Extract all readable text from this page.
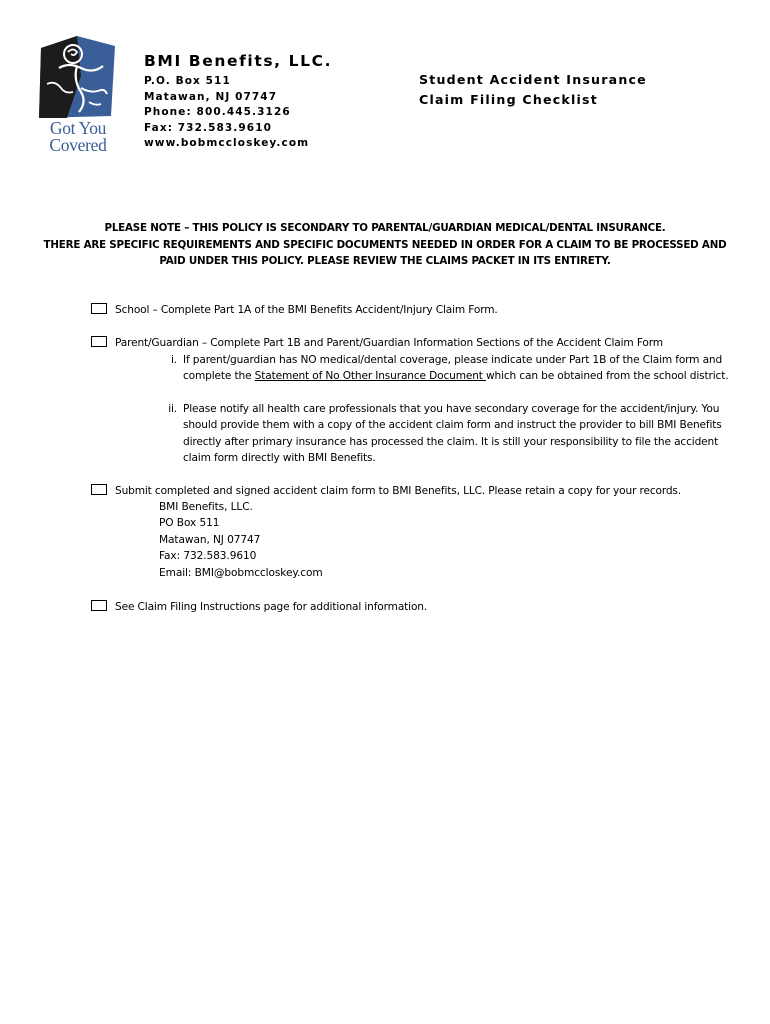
Got You
Covered
BMI Benefits, LLC.
P.O. Box 511
Matawan, NJ 07747
Phone: 800.445.3126
Fax: 732.583.9610
www.bobmccloskey.com
Student Accident Insurance
Claim Filing Checklist
PLEASE NOTE – THIS POLICY IS SECONDARY TO PARENTAL/GUARDIAN MEDICAL/DENTAL INSURANCE.
THERE ARE SPECIFIC REQUIREMENTS AND SPECIFIC DOCUMENTS NEEDED IN ORDER FOR A CLAIM TO BE PROCESSED AND
PAID UNDER THIS POLICY. PLEASE REVIEW THE CLAIMS PACKET IN ITS ENTIRETY.
School – Complete Part 1A of the BMI Benefits Accident/Injury Claim Form.
Parent/Guardian – Complete Part 1B and Parent/Guardian Information Sections of the Accident Claim Form
i. If parent/guardian has NO medical/dental coverage, please indicate under Part 1B of the Claim form and complete the Statement of No Other Insurance Document which can be obtained from the school district.
ii. Please notify all health care professionals that you have secondary coverage for the accident/injury. You should provide them with a copy of the accident claim form and instruct the provider to bill BMI Benefits directly after primary insurance has processed the claim. It is still your responsibility to file the accident claim form directly with BMI Benefits.
Submit completed and signed accident claim form to BMI Benefits, LLC. Please retain a copy for your records.
BMI Benefits, LLC.
PO Box 511
Matawan, NJ 07747
Fax: 732.583.9610
Email: BMI@bobmccloskey.com
See Claim Filing Instructions page for additional information.
